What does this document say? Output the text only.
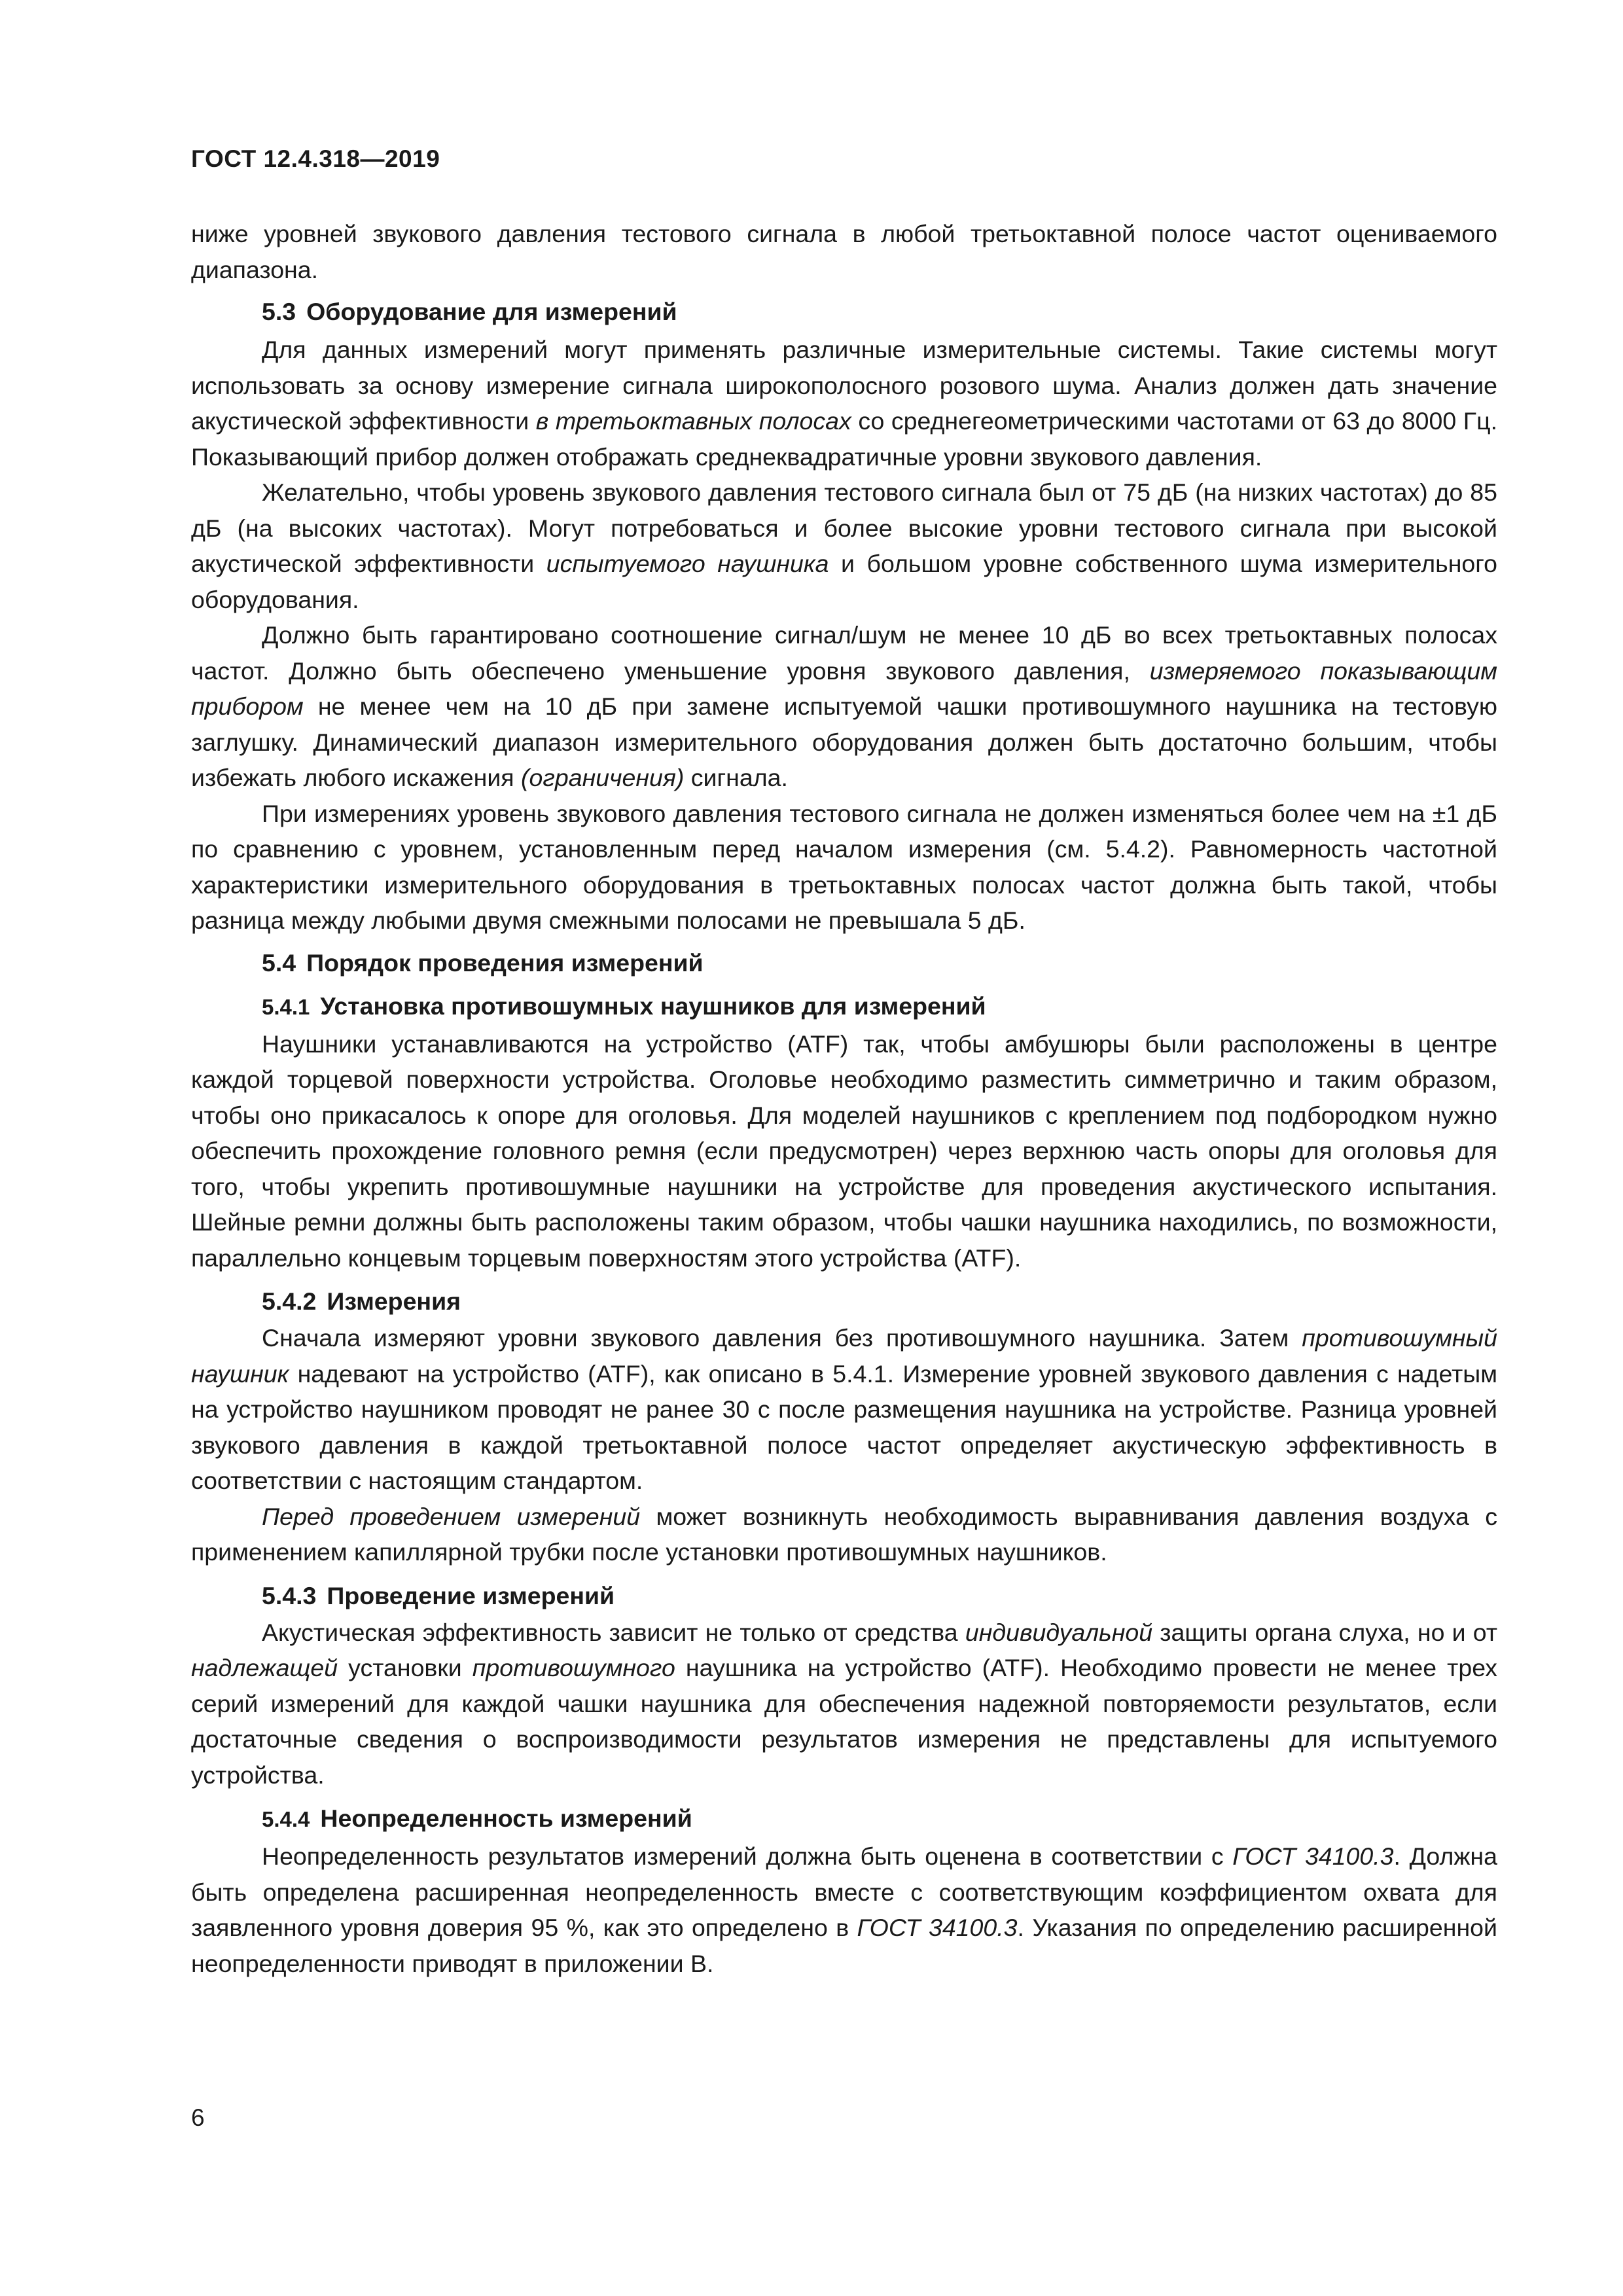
ГОСТ 12.4.318—2019

ниже уровней звукового давления тестового сигнала в любой третьоктавной полосе частот оцениваемого диапазона.

5.3 Оборудование для измерений

Для данных измерений могут применять различные измерительные системы. Такие системы могут использовать за основу измерение сигнала широкополосного розового шума. Анализ должен дать значение акустической эффективности в третьоктавных полосах со среднегеометрическими частотами от 63 до 8000 Гц. Показывающий прибор должен отображать среднеквадратичные уровни звукового давления.

Желательно, чтобы уровень звукового давления тестового сигнала был от 75 дБ (на низких частотах) до 85 дБ (на высоких частотах). Могут потребоваться и более высокие уровни тестового сигнала при высокой акустической эффективности испытуемого наушника и большом уровне собственного шума измерительного оборудования.

Должно быть гарантировано соотношение сигнал/шум не менее 10 дБ во всех третьоктавных полосах частот. Должно быть обеспечено уменьшение уровня звукового давления, измеряемого показывающим прибором не менее чем на 10 дБ при замене испытуемой чашки противошумного наушника на тестовую заглушку. Динамический диапазон измерительного оборудования должен быть достаточно большим, чтобы избежать любого искажения (ограничения) сигнала.

При измерениях уровень звукового давления тестового сигнала не должен изменяться более чем на ±1 дБ по сравнению с уровнем, установленным перед началом измерения (см. 5.4.2). Равномерность частотной характеристики измерительного оборудования в третьоктавных полосах частот должна быть такой, чтобы разница между любыми двумя смежными полосами не превышала 5 дБ.

5.4 Порядок проведения измерений
5.4.1 Установка противошумных наушников для измерений

Наушники устанавливаются на устройство (ATF) так, чтобы амбушюры были расположены в центре каждой торцевой поверхности устройства. Оголовье необходимо разместить симметрично и таким образом, чтобы оно прикасалось к опоре для оголовья. Для моделей наушников с креплением под подбородком нужно обеспечить прохождение головного ремня (если предусмотрен) через верхнюю часть опоры для оголовья для того, чтобы укрепить противошумные наушники на устройстве для проведения акустического испытания. Шейные ремни должны быть расположены таким образом, чтобы чашки наушника находились, по возможности, параллельно концевым торцевым поверхностям этого устройства (ATF).

5.4.2 Измерения

Сначала измеряют уровни звукового давления без противошумного наушника. Затем противошумный наушник надевают на устройство (ATF), как описано в 5.4.1. Измерение уровней звукового давления с надетым на устройство наушником проводят не ранее 30 с после размещения наушника на устройстве. Разница уровней звукового давления в каждой третьоктавной полосе частот определяет акустическую эффективность в соответствии с настоящим стандартом.

Перед проведением измерений может возникнуть необходимость выравнивания давления воздуха с применением капиллярной трубки после установки противошумных наушников.

5.4.3 Проведение измерений

Акустическая эффективность зависит не только от средства индивидуальной защиты органа слуха, но и от надлежащей установки противошумного наушника на устройство (ATF). Необходимо провести не менее трех серий измерений для каждой чашки наушника для обеспечения надежной повторяемости результатов, если достаточные сведения о воспроизводимости результатов измерения не представлены для испытуемого устройства.

5.4.4 Неопределенность измерений

Неопределенность результатов измерений должна быть оценена в соответствии с ГОСТ 34100.3. Должна быть определена расширенная неопределенность вместе с соответствующим коэффициентом охвата для заявленного уровня доверия 95 %, как это определено в ГОСТ 34100.3. Указания по определению расширенной неопределенности приводят в приложении В.

6
